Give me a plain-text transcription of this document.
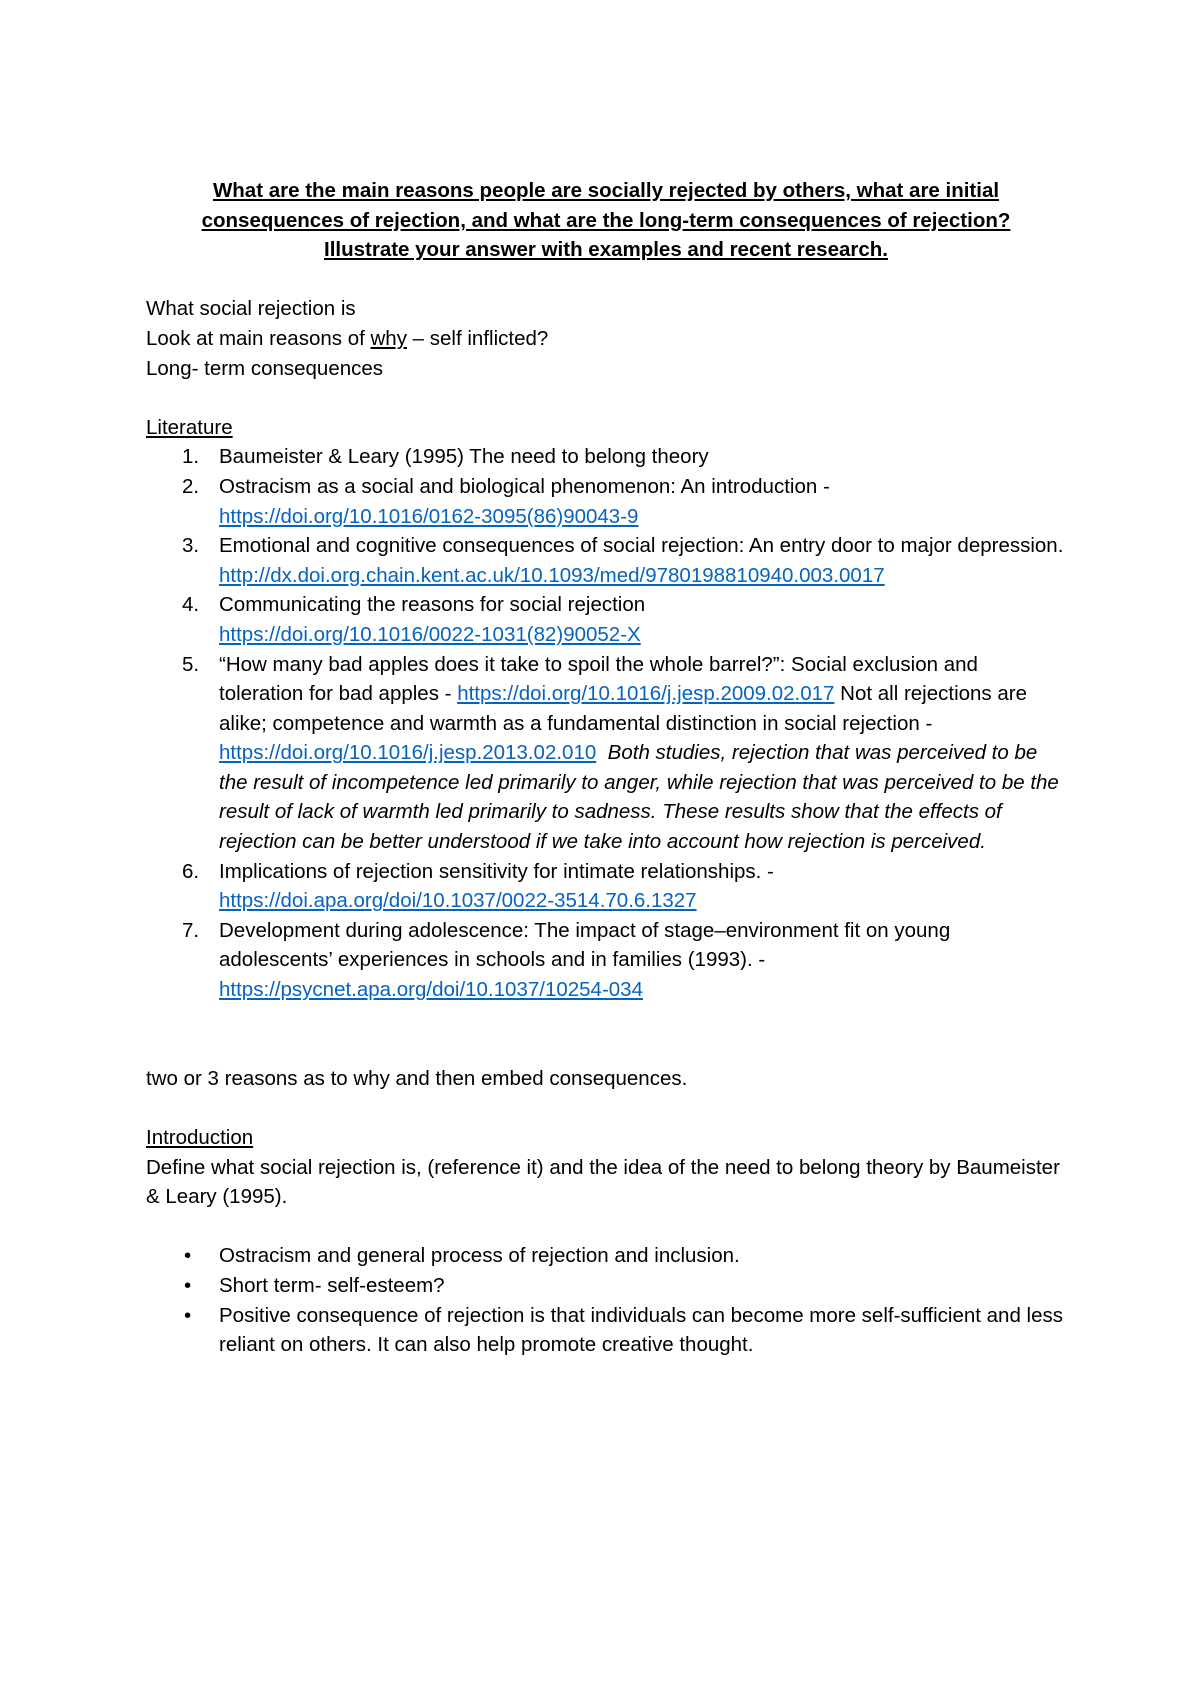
What are the main reasons people are socially rejected by others, what are initial
consequences of rejection, and what are the long-term consequences of rejection?
Illustrate your answer with examples and recent research.
What social rejection is
Look at main reasons of why – self inflicted?
Long- term consequences
Literature
1. Baumeister & Leary (1995) The need to belong theory
2. Ostracism as a social and biological phenomenon: An introduction -
https://doi.org/10.1016/0162-3095(86)90043-9
3. Emotional and cognitive consequences of social rejection: An entry door to major depression.
http://dx.doi.org.chain.kent.ac.uk/10.1093/med/9780198810940.003.0017
4. Communicating the reasons for social rejection
https://doi.org/10.1016/0022-1031(82)90052-X
5. “How many bad apples does it take to spoil the whole barrel?”: Social exclusion and toleration for bad apples - https://doi.org/10.1016/j.jesp.2009.02.017 Not all rejections are alike; competence and warmth as a fundamental distinction in social rejection - https://doi.org/10.1016/j.jesp.2013.02.010 Both studies, rejection that was perceived to be the result of incompetence led primarily to anger, while rejection that was perceived to be the result of lack of warmth led primarily to sadness. These results show that the effects of rejection can be better understood if we take into account how rejection is perceived.
6. Implications of rejection sensitivity for intimate relationships. -
https://doi.apa.org/doi/10.1037/0022-3514.70.6.1327
7. Development during adolescence: The impact of stage–environment fit on young adolescents’ experiences in schools and in families (1993). -
https://psycnet.apa.org/doi/10.1037/10254-034
two or 3 reasons as to why and then embed consequences.
Introduction
Define what social rejection is, (reference it) and the idea of the need to belong theory by Baumeister & Leary (1995).
• Ostracism and general process of rejection and inclusion.
• Short term- self-esteem?
• Positive consequence of rejection is that individuals can become more self-sufficient and less reliant on others. It can also help promote creative thought.
